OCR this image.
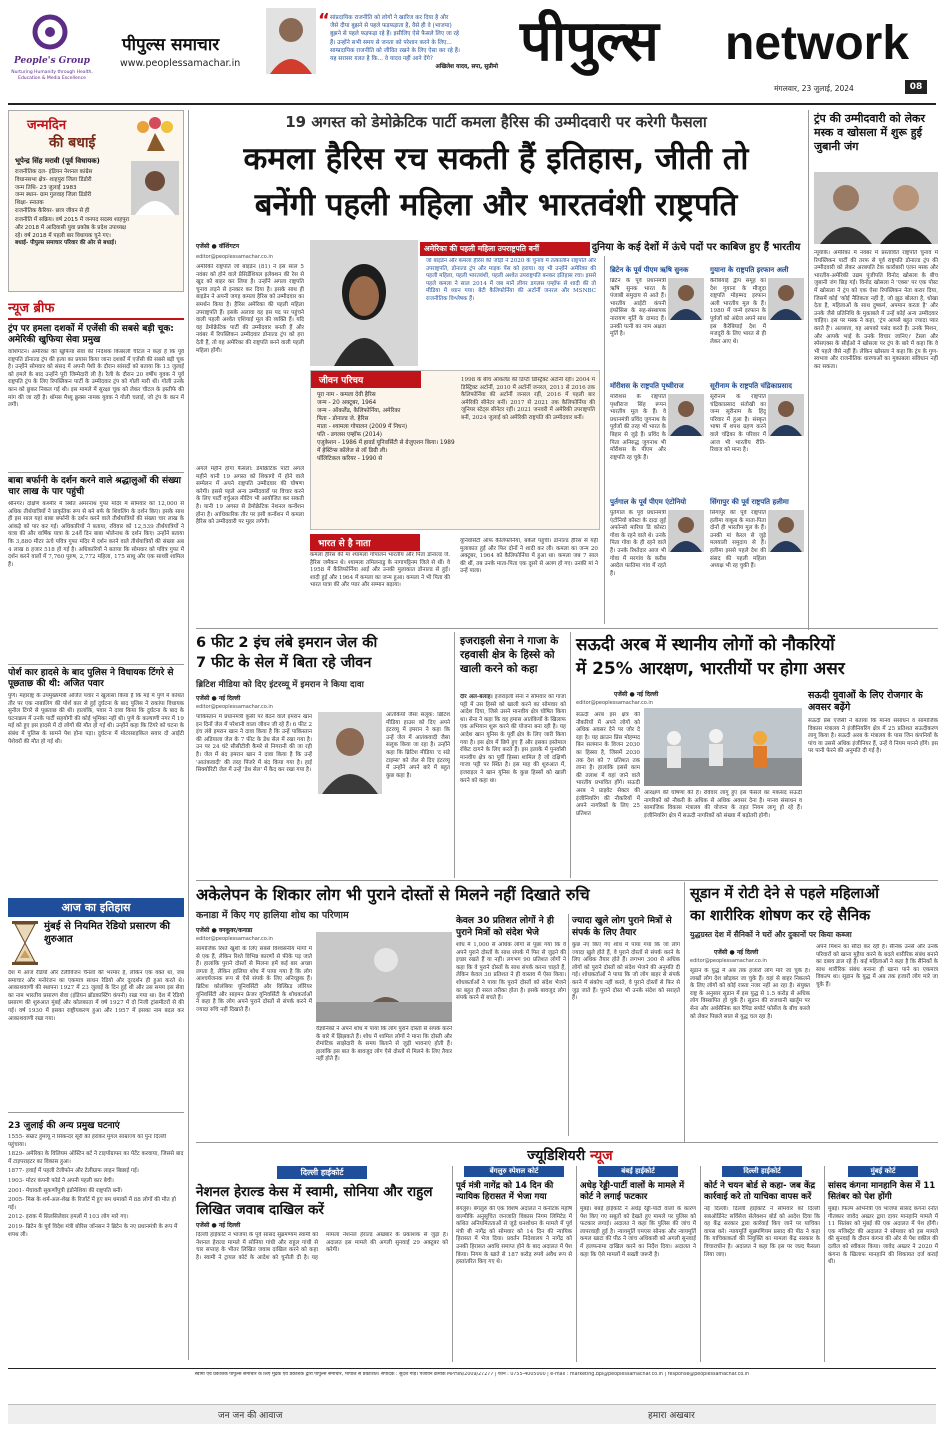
People's Group
Nurturing Humanity through Health, Education & Media Excellence
पीपुल्स समाचार
www.peoplessamachar.in
“ सांप्रदायिक राजनीति को लोगों ने खारिज कर दिया है और
जैसे दीया बुझने से पहले फड़फड़ाता है, वैसे ही वे (भाजपा)
बुझने से पहले फड़फड़ा रहे हैं। इसीलिए ऐसे फैसले लिए जा रहे
हैं। उन्होंने सभी समय से जनता को परेशान करने के लिए...
साम्प्रदायिक राजनीति को जीवित रखने के लिए ऐसा कर रहे हैं।
यह सरासर ग़लत है कि... वे यादव नहीं आने देंगे?
अखिलेश यादव, सपा, सुप्रीमो पीपुल्स network
मंगलवार, 23 जुलाई, 2024	08
जन्मदिन
की बधाई
भूपेन्द्र सिंह मरावी (पूर्व विधायक)
राजनीतिक दल- इंडियन नेशनल कांग्रेस
विधानसभा क्षेत्र- शाहपुरा जिला डिंडोरी
जन्म तिथि- 23 जुलाई 1983
जन्म स्थान- ग्राम गुलवाह जिला डिंडोरी
शिक्षा- स्नातक
राजनीतिक कैरियर- छात्र जीवन से ही
राजनीति में सक्रिय। वर्ष 2015 में जनपद सदस्य शाहपुरा
और 2018 में आदिवासी युवा प्रकोष्ठ के प्रदेश उपाध्यक्ष
रहे। वर्ष 2018 में पहली बार विधायक चुने गए।
बधाई- पीपुल्स समाचार परिवार की ओर से बधाई।
न्यूज ब्रीफ
ट्रंप पर हमला दशकों में एजेंसी की सबसे बड़ी चूक: अमेरिकी खुफिया सेवा प्रमुख
वाशिंगटन। अमेरिका की खुफिया सेवा की निदेशक किंबरली चीटल ने कहा है कि पूर्व राष्ट्रपति डोनाल्ड ट्रंप की हत्या का प्रयास किया जाना दशकों में एजेंसी की सबसे बड़ी चूक है। उन्होंने सोमवार को संसद में अपनी पेशी के दौरान सांसदों को बताया कि 13 जुलाई को हमले के बाद उन्होंने पूरी जिम्मेदारी ली है। रैली के दौरान 20 वर्षीय युवक ने पूर्व राष्ट्रपति ट्रंप के लिए रिपब्लिकन पार्टी के उम्मीदवार ट्रंप को गोली मारी थी। गोली उनके कान को छूकर निकल गई थी। इस मामले में सुरक्षा चूक को लेकर चीटल के इस्तीफे की मांग की जा रही है। थॉमस मैथ्यू क्रुक्स नामक युवक ने गोली चलाई, जो ट्रंप के कान में लगी।
बाबा बर्फानी के दर्शन करने वाले श्रद्धालुओं की संख्या चार लाख के पार पहुंची
श्रीनगर। दक्षिण कश्मीर में स्थित अमरनाथ गुफा मंदिर में सोमवार को 12,000 से अधिक तीर्थयात्रियों ने प्राकृतिक रूप से बने बर्फ के शिवलिंग के दर्शन किए। इसके साथ ही इस साल यहां बाबा बर्फानी के दर्शन करने वाले तीर्थयात्रियों की संख्या चार लाख के आंकड़े को पार कर गई। अधिकारियों ने बताया, रविवार को 12,539 तीर्थयात्रियों ने यात्रा की और वार्षिक यात्रा के 24वें दिन बाबा भोलेनाथ के दर्शन किए। उन्होंने बताया कि 3,880 मीटर ऊंचे पवित्र गुफा मंदिर में दर्शन करने वाले तीर्थयात्रियों की संख्या अब 4 लाख 8 हजार 518 हो गई है। अधिकारियों ने बताया कि सोमवार को पवित्र गुफा में दर्शन करने वालों में 7,760 पुरुष, 2,772 महिला, 175 साधु और एक साध्वी शामिल हैं।
पोर्श कार हादसे के बाद पुलिस ने विधायक टिंगरे से पूछताछ की थी: अजित पवार
पुणे। महाराष्ट्र के उपमुख्यमंत्री अजित पवार ने खुलासा किया है कि मई में पुणे में कथित तौर पर एक नाबालिग की पोर्श कार से हुई दुर्घटना के बाद पुलिस ने राकांपा विधायक सुनील टिंगरे से पूछताछ की थी। हालांकि, पवार ने दावा किया कि दुर्घटना के बाद के घटनाक्रम में उनके पार्टी सहयोगी की कोई भूमिका नहीं थी। पुणे के कल्याणी नगर में 19 मई को हुए इस हादसे में दो लोगों की मौत हो गई थी। उन्होंने कहा कि टिंगरे को घटना के संबंध में पुलिस के सामने पेश होना पड़ा। दुर्घटना में मोटरसाइकिल सवार दो आईटी पेशेवरों की मौत हो गई थी।
आज का इतिहास
मुंबई से नियमित रेडियो प्रसारण की शुरुआत
देश में आज रेडियो और टेलीविजन चैनलों की भरमार है, लेकिन एक वक्त था, जब समाचार और मनोरंजन का एकमात्र साधन रेडियो और दूरदर्शन ही हुआ करते थे। आकाशवाणी की स्थापना 1927 में 23 जुलाई के दिन हुई थी और उस समय इस सेवा का नाम भारतीय प्रसारण सेवा (इंडियन ब्रॉडकास्टिंग कंपनी) रखा गया था। देश में रेडियो प्रसारण की शुरुआत मुंबई और कोलकाता में वर्ष 1927 में दो निजी ट्रांसमीटरों से की गई। वर्ष 1930 में इसका राष्ट्रीयकरण हुआ और 1957 में इसका नाम बदल कर आकाशवाणी रखा गया।
23 जुलाई की अन्य प्रमुख घटनाएं
1555- सम्राट हुमायूं ने सिकन्दर सूरी को हराकर मुगल साम्राज्य को पुनः दिल्ली पहुंचाया।
1829- अमेरिका के विलियम ऑस्टिन बर्ट ने टाइपोग्राफर का पेटेंट करवाया, जिससे बाद में टाइपराइटर का विकास हुआ।
1877- हवाई में पहली टेलीफोन और टेलीग्राफ लाइन बिछाई गई।
1903- मोटर कंपनी फोर्ड ने अपनी पहली कार बेची।
2001- मेघावती सुकर्णोपुत्री इंडोनेशिया की राष्ट्रपति बनीं।
2005- मिस्र के शर्म-अल-शेख के रिजॉर्ट में हुए बम धमाकों में 88 लोगों की मौत हो गई।
2012- इराक में सिलसिलेवार हमलों में 103 लोग मारे गए।
2019- ब्रिटेन के पूर्व विदेश मंत्री बोरिस जॉनसन ने ब्रिटेन के नए प्रधानमंत्री के रूप में शपथ ली।
19 अगस्त को डेमोक्रेटिक पार्टी कमला हैरिस की उम्मीदवारी पर करेगी फैसला
कमला हैरिस रच सकती हैं इतिहास, जीती तो
बनेंगी पहली महिला और भारतवंशी राष्ट्रपति
एजेंसी ● वॉशिंगटन
editor@peoplessamachar.co.in
अमेरिकी राष्ट्रपति जो बाइडेन (81) ने इस साल 5 नवंबर को होने वाले प्रेसिडेंशियल इलेक्शन की रेस से खुद को बाहर कर लिया है। उन्होंने अगला राष्ट्रपति चुनाव लड़ने से इनकार कर दिया है। इसके साथ ही बाइडेन ने अपनी जगह कमला हैरिस को उम्मीदवार का समर्थन किया है। हैरिस अमेरिका की पहली महिला उपराष्ट्रपति हैं। इसके अलावा वह इस पद पर पहुंचने वाली पहली अश्वेत एशियाई मूल की व्यक्ति हैं। यदि वह डेमोक्रेटिक पार्टी की उम्मीदवार बनती हैं और नवंबर में रिपब्लिकन उम्मीदवार डोनाल्ड ट्रंप को हरा देती हैं, तो वह अमेरिका की राष्ट्रपति बनने वाली पहली महिला होंगी।
अगले महीने होगा फैसला: डेमोक्रेटिक पार्टी अगले महीने यानी 19 अगस्त को शिकागो में होने वाले सम्मेलन में अपने राष्ट्रपति उम्मीदवार की घोषणा करेगी। इससे पहले अन्य उम्मीदवारों पर विचार करने के लिए पार्टी वर्चुअल मीटिंग भी आयोजित कर सकती है। यानी 19 अगस्त से डेमोक्रेटिक नेशनल कन्वेंशन होना है। आधिकारिक तौर पर इसी कन्वेंशन में कमला हैरिस को उम्मीदवारी पर मुहर लगेगी।
अमेरिका की पहली महिला उपराष्ट्रपति बनीं
जो बाइडेन और कमला हैरिस की जोड़ी ने 2020 के चुनाव में तत्कालीन राष्ट्रपति और उपराष्ट्रपति, डोनाल्ड ट्रंप और माइक पेंस को हराया। वह भी उन्होंने अमेरिका की पहली महिला, पहली भारतवंशी, पहली अश्वेत उपराष्ट्रपति बनकर इतिहास रचा। इससे पहले कमला ने साल 2014 में जब मानें लीगर डगलस एम्हॉफ से शादी की तो मीडिया में ध्यान गया। बेटी कैलिफोर्निया की अटॉर्नी जनरल और MSNBC राजनीतिक विश्लेषक हैं।
जीवन परिचय
पूरा नाम - कमला देवी हैरिस
जन्म - 20 अक्टूबर, 1964
जन्म - ऑकलैंड, कैलिफोर्निया, अमेरिका
पिता - डोनाल्ड जे. हैरिस
माता - श्यामला गोपालन (2009 में निधन)
पति - डगलस एम्हॉफ (2014)
एजुकेशन - 1986 में हावर्ड यूनिवर्सिटी से ग्रेजुएशन किया। 1989 में हेस्टिंग्स कॉलेज से लॉ डिग्री ली।
पॉलिटिकल करियर - 1990 से
1998 के बीच ऑकलैंड की डिप्टी डिस्ट्रिक्ट अटॉर्नी रहीं। 2004 में डिस्ट्रिक्ट अटॉर्नी, 2010 में अटॉर्नी जनरल, 2011 से 2016 तक कैलिफोर्निया की अटॉर्नी जनरल रहीं, 2016 में पहली बार अमेरिकी सीनेटर बनीं। 2017 से 2021 तक कैलिफोर्निया की जूनियर स्टेट्स सीनेटर रहीं। 2021 जनवरी में अमेरिकी उपराष्ट्रपति बनीं, 2024 जुलाई को अमेरिकी राष्ट्रपति की उम्मीदवार बनीं।
भारत से है नाता
कमला हैरिस की मां श्यामला गोपालन भारतीय और पिता डोनाल्ड जे. हैरिस जमैकन थे। श्यामला तमिलनाडु के नागापट्टिनम जिले से थीं। वे 1958 में कैलिफोर्निया आईं और उनकी मुलाकात डोनाल्ड से हुई। शादी हुई और 1964 में कमला का जन्म हुआ। कमला ने भी पिता की भारत यात्रा की और प्यार और सम्मान बढ़ाया।
यूनिवर्सिटी ऑफ कैलिफोर्निया, बर्कले पहुंचीं। डोनाल्ड हैरिस से यहीं मुलाकात हुई और फिर दोनों ने शादी कर ली। कमला का जन्म 20 अक्टूबर, 1964 को कैलिफोर्निया में हुआ था। कमला जब 7 साल की थीं, तब उनके माता-पिता एक दूसरे से अलग हो गए। उनकी मां ने उन्हें पाला।
दुनिया के कई देशों में ऊंचे पदों पर काबिज हुए हैं भारतीय
ब्रिटेन के पूर्व पीएम ऋषि सुनक
ब्रिटेन के पूर्व प्रधानमंत्री ऋषि सुनक भारत के पंजाबी समुदाय से आते हैं। भारतीय आईटी कंपनी इंफोसिस के सह-संस्थापक नारायण मूर्ति के दामाद हैं। उनकी पत्नी का नाम अक्षता मूर्ति है।
गुयाना के राष्ट्रपति इरफान अली
कैरेबियाई द्वीप समूह का देश गुयाना के मौजूदा राष्ट्रपति मोहम्मद इरफान अली भारतीय मूल के हैं। 1980 में जन्मे इरफान के पूर्वजों को अंग्रेज अपने साथ इस कैरेबियाई देश में मजदूरी के लिए भारत से ही लेकर आए थे।
मॉरीशस के राष्ट्रपति पृथ्वीराज
मॉरीशस के राष्ट्रपति पृथ्वीराज सिंह रूपन भारतीय मूल के हैं। वे प्रधानमंत्री प्रविंद जुगनाथ के पूर्वजों की तरह भी भारत के बिहार से जुड़े हैं। प्रविंद के पिता अनिरुद्ध जुगनाथ भी मॉरीशस के पीएम और राष्ट्रपति रह चुके हैं।
सूरीनाम के राष्ट्रपति चंद्रिकाप्रसाद
सूरीनाम के राष्ट्रपति चंद्रिकाप्रसाद संतोखी का जन्म सूरीनाम के हिंदू परिवार में हुआ है। संस्कृत भाषा में शपथ ग्रहण करने वाले चंद्रिका के परिवार में आज भी भारतीय रीति-रिवाज को माना है।
पुर्तगाल के पूर्व पीएम एंटोनियो
पुर्तगाल के पूर्व प्रधानमंत्री एंटोनियो कोस्टा के दादा लुई अफोन्सो मारिया डि कोस्टा गोवा के रहने वाले थे। उनके पिता गोवा के ही रहने वाले हैं। उनके रिश्तेदार आज भी गोवा में मरगांव के करीब अब्देल फातिमा गांव में रहते हैं।
सिंगापुर की पूर्व राष्ट्रपति हलीमा
सिंगापुर की पूर्व राष्ट्रपति हलीमा याकूब के माता-पिता दोनों ही भारतीय मूल के हैं। उनकी मां केरल से जुड़े मलयाली समुदाय से हैं। हलीमा इससे पहले देश की संसद की पहली महिला अध्यक्ष भी रह चुकी हैं।
ट्रंप की उम्मीदवारी को लेकर मस्क व खोसला में शुरू हुई जुबानी जंग
न्यूयॉर्क। अमेरिका में नवंबर में प्रस्तावित राष्ट्रपति चुनाव में रिपब्लिकन पार्टी की तरफ से पूर्व राष्ट्रपति डोनाल्ड ट्रंप की उम्मीदवारी को लेकर अरबपति टेक कारोबारी एलन मस्क और भारतीय-अमेरिकी उद्यम पूंजीपति विनोद खोसला के बीच जुबानी जंग छिड़ गई। विनोद खोसला ने 'एक्स' पर एक पोस्ट में खोसला ने ट्रंप को एक ऐसा रिपब्लिकन नेता करार दिया, जिसमें कोई 'कोई नैतिकता नहीं है, जो झूठ बोलता है, धोखा देता है, महिलाओं के साथ दुष्कर्म, अपमान करता है' और उनके जैसे प्रतिनिधि के मुकाबले में उन्हें कोई अन्य उम्मीदवार चाहिए। इस पर मस्क ने कहा, 'ट्रंप आपसे बहुत ज्यादा प्यार करते हैं'। अलबत्ता, यह आपको पसंद करते हैं। उनके मिशन, और आपके भाई के उनके विचार जानिए।' टेस्ला और स्पेसएक्स के सीईओ ने खोसला पर ट्रंप के बारे में कहा कि वे भी पहले जैसे नहीं हैं। लेकिन खोसला ने कहा कि ट्रंप के गुण-स्वभाव और राजनीतिक धारणाओं का मुकाबला संविधान नहीं कर सकता।
6 फीट 2 इंच लंबे इमरान जेल की
7 फीट के सेल में बिता रहे जीवन
ब्रिटिश मीडिया को दिए इंटरव्यू में इमरान ने किया दावा
एजेंसी ● नई दिल्ली
editor@peoplessamachar.co.in
पाकिस्तान में प्रधानमंत्री कुर्सी पर बैठने वाले इमरान खान इन दिनों जेल में परेशानी वाला जीवन जी रहे हैं। 6 फीट 2 इंच लंबे इमरान खान ने दावा किया है कि उन्हें पाकिस्तान की अडियाला जेल के 7 फीट के डेथ सेल में रखा गया है। उन पर 24 घंटे सीसीटीवी कैमरे से निगरानी की जा रही है। जेल में बंद इमरान खान ने दावा किया है कि उन्हें 'आतंकवादी' की तरह पिंजरे में बंद किया गया है। हाई सिक्योरिटी जेल में उन्हें 'डेथ सेल' में कैद कर रखा गया है।
आतंकियों जैसा सलूक: ब्रिटिश मीडिया हाउस को दिए अपने इंटरव्यू में इमरान ने कहा कि उन्हें जेल में आतंकवादी जैसा सलूक किया जा रहा है। उन्होंने कहा कि ब्रिटिश मीडिया 'द संडे टाइम्स' को जेल से दिए इंटरव्यू में उन्होंने अपने बारे में बहुत कुछ कहा है।
इजराइली सेना ने गाजा के रहवासी क्षेत्र के हिस्से को खाली करने को कहा
दीर अल-बलाह। इजराइली सेना ने सोमवार को गाजा पट्टी में उस हिस्से को खाली करने का सोमवार को आदेश दिया, जिसे उसने मानवीय क्षेत्र घोषित किया था। सेना ने कहा कि वह हमास आतंकियों के खिलाफ एक अभियान शुरू करने की योजना बना रही है। यह आदेश खान यूनिस के पूर्वी क्षेत्र के लिए जारी किया गया है। इस क्षेत्र में छिपे हुए हैं और इसका इस्तेमाल रॉकेट दागने के लिए करते हैं। इस इलाके में पुनर्वासी मानवीय क्षेत्र का पूर्वी हिस्सा शामिल है जो दक्षिणी गाजा पट्टी पर स्थित है। इस माह की शुरुआत में, इजराइल ने खान यूनिस के कुछ हिस्सों को खाली करने को कहा था।
सऊदी अरब में स्थानीय लोगों को नौकरियों
में 25% आरक्षण, भारतीयों पर होगा असर
एजेंसी ● नई दिल्ली
editor@peoplessamachar.co.in
सऊदी अरब इस क्षेत्र की नौकरियों में अपने लोगों को अधिक अवसर देने पर जोर दे रहा है। यह क्राउन प्रिंस मोहम्मद बिन सलमान के विजन 2030 का हिस्सा है, जिसमें 2030 तक देश को 7 प्रतिशत तक लाना है। हालांकि इससे काम की तलाश में वहां जाने वाले भारतीय प्रभावित होंगे। सऊदी अरब ने प्राइवेट सेक्टर की इंजीनियरिंग की नौकरियों में अपने नागरिकों के लिए 25 प्रतिशत
आरक्षण की घोषणा की है। रविवार लागू हुए इस फैसले का मकसद सऊदी नागरिकों को नौकरी के अधिक से अधिक अवसर देना है। मानव संसाधन व सामाजिक विकास मंत्रालय की योजना के तहत नियम लागू हो रहे हैं। इंजीनियरिंग क्षेत्र में सऊदी नागरिकों को संख्या में बढ़ोतरी होगी।
सऊदी युवाओं के लिए रोजगार के अवसर बढ़ेंगे
सऊदी प्रेस एजेंसी ने बताया कि मानव संसाधन व सामाजिक विकास मंत्रालय ने इंजीनियरिंग क्षेत्र में 25 प्रतिशत सऊदीकरण लागू किया है। सऊदी अरब के मंत्रालय के पास जिन कंपनियों के पांच या उससे अधिक इंजीनियर हैं, उन्हें ये नियम मानने होंगे। इस पर पानी फेरने की अनुमति दी गई है।
अकेलेपन के शिकार लोग भी पुराने दोस्तों से मिलने नहीं दिखाते रुचि
कनाडा में किए गए हालिया शोध का परिणाम
एजेंसी ● वनकूवर/कनाडा
editor@peoplessamachar.co.in
सामाजिक रिश्ते खुशी के लिए सबसे विश्वसनीय मार्गों में से एक हैं, लेकिन रिश्ते विभिन्न कारणों से फीके पड़ जाते हैं। हालांकि पुराने दोस्तों से मिलना हमें कई बार अच्छा लगता है, लेकिन हालिया शोध में पाया गया है कि लोग आश्चर्यजनक रूप से ऐसे संपर्क के लिए अनिच्छुक हैं। ब्रिटिश कोलंबिया यूनिवर्सिटी और विल्फ्रिड लॉरियर यूनिवर्सिटी और साइमन फ्रेजर यूनिवर्सिटी के शोधकर्ताओं ने कहा है कि लोग अपने पुराने दोस्तों से संपर्क करने में ज्यादा रुचि नहीं दिखाते हैं।
वैज्ञानिकों ने अपने शोध में पाया कि लोग पुराने दोस्तों से संपर्क करने के बारे में झिझकते हैं। शोध में शामिल लोगों ने माना कि दोस्ती और रोमांटिक साझेदारी के समय बिताने से जुड़ी भावनाएं होती हैं। हालांकि इस बात के बावजूद लोग ऐसे दोस्तों से मिलने के लिए तैयार नहीं होते हैं।
केवल 30 प्रतिशत लोगों ने ही पुराने मित्रों को संदेश भेजे
शोध में 1,000 से अधिक लोगों से पूछा गया कि वे अपने पुराने दोस्तों के साथ संपर्क में फिर से जुड़ने की इच्छा रखते हैं या नहीं। लगभग 90 प्रतिशत लोगों ने कहा कि वे पुराने दोस्तों के साथ संपर्क करना चाहते हैं, लेकिन केवल 30 प्रतिशत ने ही वास्तव में ऐसा किया। शोधकर्ताओं ने पाया कि पुराने दोस्तों को संदेश भेजने का बहुत ही सरल तरीका होता है। इसके बावजूद लोग संपर्क करने से बचते हैं।
ज्यादा खुले लोग पुराने मित्रों से संपर्क के लिए तैयार
कुछ नए किए गए शोध में पाया गया कि जो लोग ज्यादा खुले होते हैं, वे पुराने दोस्तों से संपर्क करने के लिए अधिक तैयार होते हैं। लगभग 300 से अधिक लोगों को पुराने दोस्तों को संदेश भेजने की अनुमति दी गई। शोधकर्ताओं ने पाया कि जो लोग बाहर से संपर्क करने में संकोच नहीं करते, वे पुराने दोस्तों से फिर से जुड़ जाते हैं। पुराने दोस्त भी उनके संदेश को सराहते हैं।
सूडान में रोटी देने से पहले महिलाओं
का शारीरिक शोषण कर रहे सैनिक
युद्धग्रस्त देश में सैनिकों ने घरों और दुकानों पर किया कब्जा
एजेंसी ● नई दिल्ली
editor@peoplessamachar.co.in
सूडान के युद्ध में अब तक हजारों लोग मारे जा चुके हैं। लाखों लोग देश छोड़कर जा चुके हैं। वहां से बाहर निकलने के लिए लोगों को कोई रास्ता नजर नहीं आ रहा है। संयुक्त राष्ट्र के अनुसार सूडान में इस युद्ध से 1.5 करोड़ से अधिक लोग विस्थापित हो चुके हैं। सूडान की राजधानी खार्तूम पर सेना और अर्धसैनिक बल रैपिड सपोर्ट फोर्सेज के बीच कब्जे को लेकर पिछले साल से युद्ध चल रहा है।
अपने मिशन का सौदा कर रही हैं। सैनिक उनसे और उनके परिवारों को खाना मुहैया करने के बदले शारीरिक संबंध बनाने का दबाव डाल रहे हैं। कई महिलाओं ने कहा है कि सैनिकों के साथ शारीरिक संबंध बनाना ही खाना पाने का एकमात्र विकल्प था। सूडान के युद्ध में अब तक हजारों लोग मारे जा चुके हैं।
ज्यूडिशियरी न्यूज
दिल्ली हाईकोर्ट
नेशनल हेराल्ड केस में स्वामी, सोनिया और राहुल लिखित जवाब दाखिल करें
एजेंसी ● नई दिल्ली
दिल्ली हाईकोर्ट ने भाजपा के पूर्व सांसद सुब्रमण्यम स्वामी को नेशनल हेराल्ड मामले में सोनिया गांधी और राहुल गांधी से चार सप्ताह के भीतर लिखित जवाब दाखिल करने को कहा है। स्वामी ने ट्रायल कोर्ट के आदेश को चुनौती दी है। यह मामला नेशनल हेराल्ड अखबार के प्रकाशक से जुड़ा है। अदालत इस मामले की अगली सुनवाई 29 अक्टूबर को करेगी।
बेंगलुरु स्पेशल कोर्ट
पूर्व मंत्री नागेंद्र को 14 दिन की न्यायिक हिरासत में भेजा गया
बेंगलुरु। बेंगलुरु की एक विशेष अदालत ने कर्नाटक महर्षि वाल्मीकि अनुसूचित जनजाति विकास निगम लिमिटेड में कथित अनियमितताओं से जुड़े धनशोधन के मामले में पूर्व मंत्री बी नागेंद्र को सोमवार को 14 दिन की न्यायिक हिरासत में भेज दिया। प्रवर्तन निदेशालय ने नागेंद्र को उनकी हिरासत अवधि समाप्त होने के बाद अदालत में पेश किया। निगम के खाते से 187 करोड़ रुपये अवैध रूप से हस्तांतरित किए गए थे।
बंबई हाईकोर्ट
अधेड़ रेड्डी-पार्टी वालों के मामले में कोर्ट ने लगाई फटकार
मुंबई। बंबई हाईकोर्ट ने अधेड़ रेड्डी-पार्टी वालों के कारण पेश किए गए सबूतों को देखते हुए मामले पर पुलिस को फटकार लगाई। अदालत ने कहा कि पुलिस की जांच में लापरवाही हुई है। न्यायमूर्ति एमएस सोनक और न्यायमूर्ति कमल खाटा की पीठ ने जांच अधिकारी को अगली सुनवाई में हलफनामा दाखिल करने का निर्देश दिया। अदालत ने कहा कि ऐसे मामलों में सख्ती जरूरी है।
दिल्ली हाईकोर्ट
कोर्ट ने चयन बोर्ड से कहा- जब केंद्र कार्रवाई करे तो याचिका वापस करें
नई दिल्ली। दिल्ली हाईकोर्ट ने सोमवार को दिल्ली सबऑर्डिनेट सर्विसेज सेलेक्शन बोर्ड को आदेश दिया कि वह केंद्र सरकार द्वारा कार्रवाई किए जाने पर याचिका वापस करे। न्यायमूर्ति सुब्रमणियम प्रसाद की पीठ ने कहा कि याचिकाकर्ता की नियुक्ति का मामला केंद्र सरकार के विचाराधीन है। अदालत ने कहा कि इस पर जल्द फैसला लिया जाए।
मुंबई कोर्ट
सांसद कंगना मानहानि केस में 11 सितंबर को पेश होंगी
मुंबई। फिल्म अभिनेत्री एवं भाजपा सांसद कंगना रनौत गीतकार जावेद अख्तर द्वारा दायर मानहानि मामले में 11 सितंबर को मुंबई की एक अदालत में पेश होंगी। एक मजिस्ट्रेट की अदालत ने सोमवार को इस मामले की सुनवाई के दौरान कंगना की ओर से पेश वकील की दलील को स्वीकार किया। जावेद अख्तर ने 2020 में कंगना के खिलाफ मानहानि की शिकायत दर्ज कराई थी।
स्वामी एवं प्रकाशक पीपुल्स समाचार के लिए मुद्रक एवं प्रकाशक द्वारा पीपुल्स समाचार, भोपाल से प्रकाशित। संपादक : सुदेश गौड़। पंजीयन क्रमांक MPHIN/2009/27277 | फोन : 0755-4005000 | e-mail : marketing.bpl@peoplessamachar.co.in | response@peoplessamachar.co.in
जन जन की आवाज	हमारा अखबार
